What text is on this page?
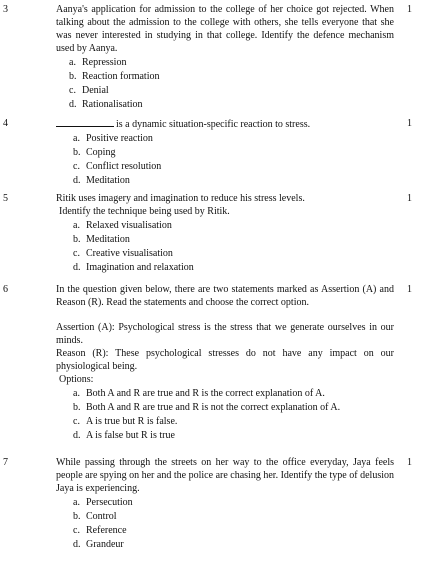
3	1

Aanya's application for admission to the college of her choice got rejected. When talking about the admission to the college with others, she tells everyone that she was never interested in studying in that college. Identify the defence mechanism used by Aanya.

a. Repression
b. Reaction formation
c. Denial
d. Rationalisation
4	1

is a dynamic situation-specific reaction to stress.

a. Positive reaction
b. Coping
c. Conflict resolution
d. Meditation
5	1

Ritik uses imagery and imagination to reduce his stress levels.

Identify the technique being used by Ritik.

a. Relaxed visualisation
b. Meditation
c. Creative visualisation
d. Imagination and relaxation
6	1

In the question given below, there are two statements marked as Assertion (A) and Reason (R). Read the statements and choose the correct option.

Assertion (A): Psychological stress is the stress that we generate ourselves in our minds.

Reason (R): These psychological stresses do not have any impact on our physiological being.

Options:

a. Both A and R are true and R is the correct explanation of A.
b. Both A and R are true and R is not the correct explanation of A.
c. A is true but R is false.
d. A is false but R is true
7	1

While passing through the streets on her way to the office everyday, Jaya feels people are spying on her and the police are chasing her. Identify the type of delusion Jaya is experiencing.

a. Persecution
b. Control
c. Reference
d. Grandeur
